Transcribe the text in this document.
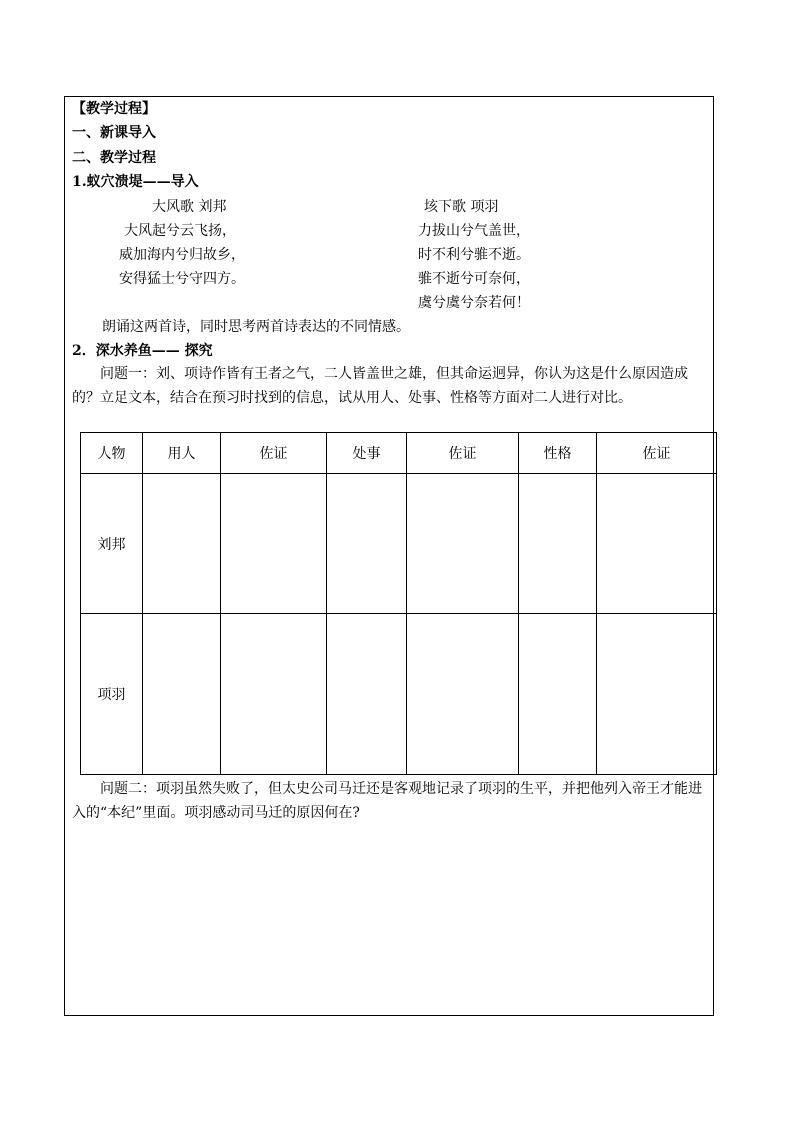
【教学过程】
一、新课导入
二、教学过程
1.蚁穴溃堤——导入
大风歌 刘邦
大风起兮云飞扬，
威加海内兮归故乡，
安得猛士兮守四方。
垓下歌 项羽
力拔山兮气盖世，
时不利兮骓不逝。
骓不逝兮可奈何，
虞兮虞兮奈若何！
朗诵这两首诗，同时思考两首诗表达的不同情感。
2．深水养鱼—— 探究
问题一：刘、项诗作皆有王者之气，二人皆盖世之雄，但其命运迥异，你认为这是什么原因造成的？立足文本，结合在预习时找到的信息，试从用人、处事、性格等方面对二人进行对比。
人物	用人	佐证	处事	佐证	性格	佐证
刘邦						
项羽						
问题二：项羽虽然失败了，但太史公司马迁还是客观地记录了项羽的生平，并把他列入帝王才能进入的“本纪”里面。项羽感动司马迁的原因何在?
